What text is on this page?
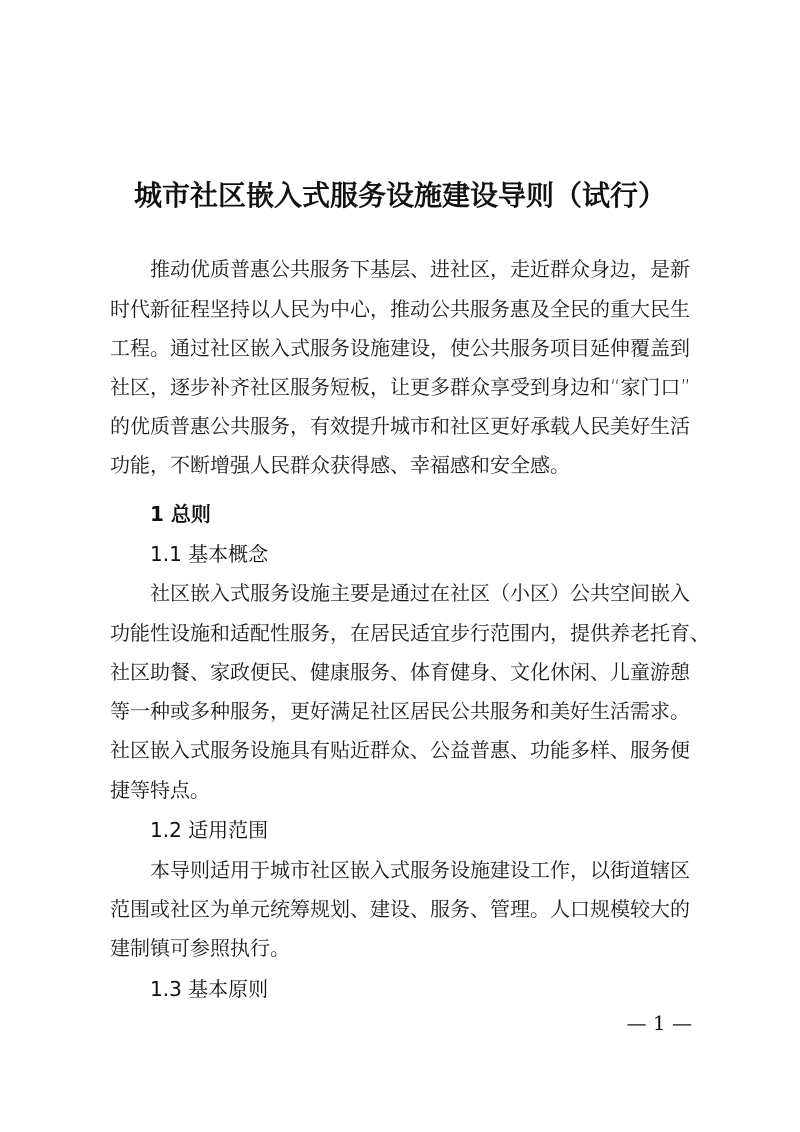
城市社区嵌入式服务设施建设导则（试行）
推动优质普惠公共服务下基层、进社区，走近群众身边，是新
时代新征程坚持以人民为中心，推动公共服务惠及全民的重大民生
工程。通过社区嵌入式服务设施建设，使公共服务项目延伸覆盖到
社区，逐步补齐社区服务短板，让更多群众享受到身边和“家门口”
的优质普惠公共服务，有效提升城市和社区更好承载人民美好生活
功能，不断增强人民群众获得感、幸福感和安全感。
1 总则
1.1 基本概念
社区嵌入式服务设施主要是通过在社区（小区）公共空间嵌入
功能性设施和适配性服务，在居民适宜步行范围内，提供养老托育、
社区助餐、家政便民、健康服务、体育健身、文化休闲、儿童游憩
等一种或多种服务，更好满足社区居民公共服务和美好生活需求。
社区嵌入式服务设施具有贴近群众、公益普惠、功能多样、服务便
捷等特点。
1.2 适用范围
本导则适用于城市社区嵌入式服务设施建设工作，以街道辖区
范围或社区为单元统筹规划、建设、服务、管理。人口规模较大的
建制镇可参照执行。
1.3 基本原则
— 1 —
